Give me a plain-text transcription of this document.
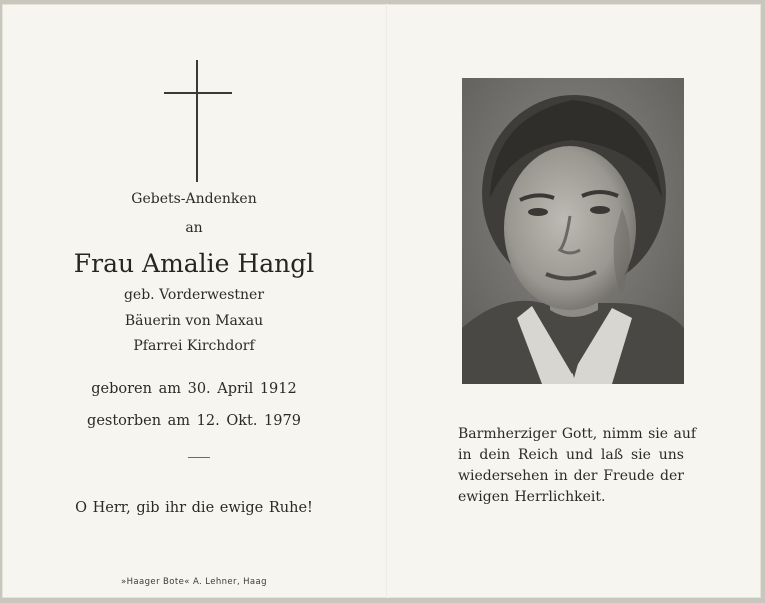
Gebets-Andenken
an
Frau Amalie Hangl
geb. Vorderwestner
Bäuerin von Maxau
Pfarrei Kirchdorf
geboren am 30. April 1912
gestorben am 12. Okt. 1979
O Herr, gib ihr die ewige Ruhe!
»Haager Bote« A. Lehner, Haag
Barmherziger Gott, nimm sie auf
in dein Reich und laß sie uns
wiedersehen in der Freude der
ewigen Herrlichkeit.
